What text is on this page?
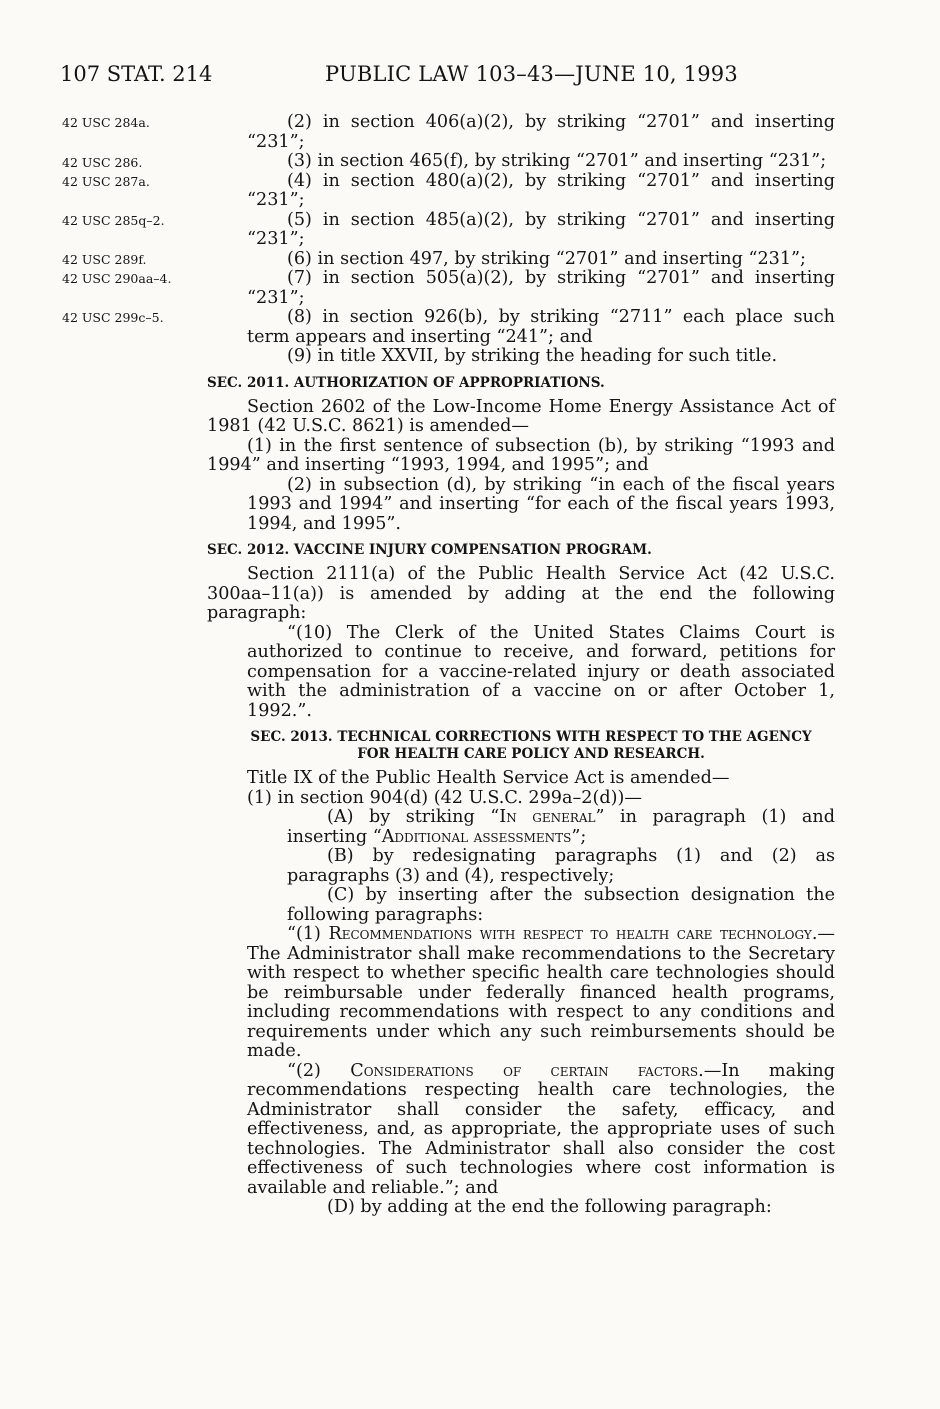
107 STAT. 214	PUBLIC LAW 103–43—JUNE 10, 1993
42 USC 284a.
42 USC 286.
42 USC 287a.
42 USC 285q–2.
42 USC 289f.
42 USC 290aa–4.
42 USC 299c–5.
(2) in section 406(a)(2), by striking “2701” and inserting “231”;
(3) in section 465(f), by striking “2701” and inserting “231”;
(4) in section 480(a)(2), by striking “2701” and inserting “231”;
(5) in section 485(a)(2), by striking “2701” and inserting “231”;
(6) in section 497, by striking “2701” and inserting “231”;
(7) in section 505(a)(2), by striking “2701” and inserting “231”;
(8) in section 926(b), by striking “2711” each place such term appears and inserting “241”; and
(9) in title XXVII, by striking the heading for such title.
SEC. 2011. AUTHORIZATION OF APPROPRIATIONS.
Section 2602 of the Low-Income Home Energy Assistance Act of 1981 (42 U.S.C. 8621) is amended—
(1) in the first sentence of subsection (b), by striking “1993 and 1994” and inserting “1993, 1994, and 1995”; and
(2) in subsection (d), by striking “in each of the fiscal years 1993 and 1994” and inserting “for each of the fiscal years 1993, 1994, and 1995”.
SEC. 2012. VACCINE INJURY COMPENSATION PROGRAM.
Section 2111(a) of the Public Health Service Act (42 U.S.C. 300aa–11(a)) is amended by adding at the end the following paragraph:
“(10) The Clerk of the United States Claims Court is authorized to continue to receive, and forward, petitions for compensation for a vaccine-related injury or death associated with the administration of a vaccine on or after October 1, 1992.”.
SEC. 2013. TECHNICAL CORRECTIONS WITH RESPECT TO THE AGENCY
FOR HEALTH CARE POLICY AND RESEARCH.
Title IX of the Public Health Service Act is amended—
(1) in section 904(d) (42 U.S.C. 299a–2(d))—
(A) by striking “In general” in paragraph (1) and inserting “Additional assessments”;
(B) by redesignating paragraphs (1) and (2) as paragraphs (3) and (4), respectively;
(C) by inserting after the subsection designation the following paragraphs:
“(1) Recommendations with respect to health care technology.—The Administrator shall make recommendations to the Secretary with respect to whether specific health care technologies should be reimbursable under federally financed health programs, including recommendations with respect to any conditions and requirements under which any such reimbursements should be made.
“(2) Considerations of certain factors.—In making recommendations respecting health care technologies, the Administrator shall consider the safety, efficacy, and effectiveness, and, as appropriate, the appropriate uses of such technologies. The Administrator shall also consider the cost effectiveness of such technologies where cost information is available and reliable.”; and
(D) by adding at the end the following paragraph:
